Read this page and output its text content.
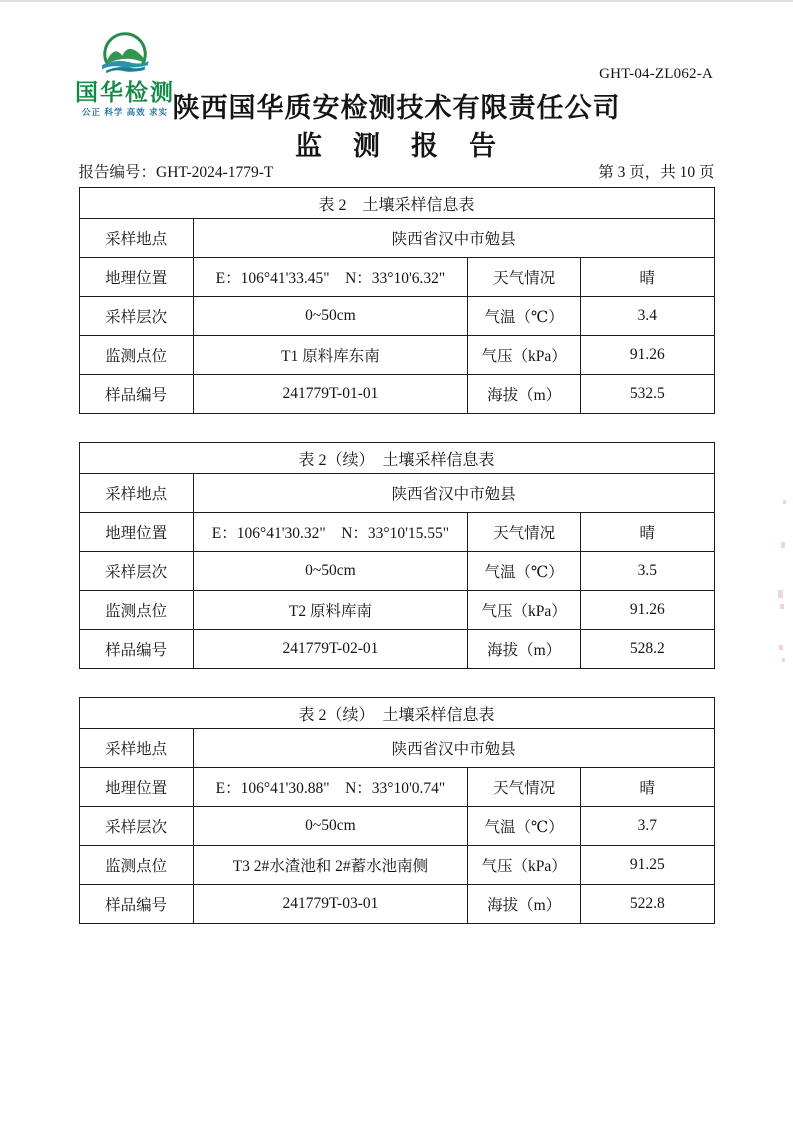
国华检测
公正 科学 高效 求实
GHT-04-ZL062-A
陕西国华质安检测技术有限责任公司
监　测　报　告
报告编号：GHT-2024-1779-T	第 3 页，共 10 页
表 2　土壤采样信息表			
采样地点	陕西省汉中市勉县		
地理位置	E：106°41'33.45"　N：33°10'6.32"	天气情况	晴
采样层次	0~50cm	气温（℃）	3.4
监测点位	T1 原料库东南	气压（kPa）	91.26
样品编号	241779T-01-01	海拔（m）	532.5
表 2（续）　土壤采样信息表			
采样地点	陕西省汉中市勉县		
地理位置	E：106°41'30.32"　N：33°10'15.55"	天气情况	晴
采样层次	0~50cm	气温（℃）	3.5
监测点位	T2 原料库南	气压（kPa）	91.26
样品编号	241779T-02-01	海拔（m）	528.2
表 2（续）　土壤采样信息表			
采样地点	陕西省汉中市勉县		
地理位置	E：106°41'30.88"　N：33°10'0.74"	天气情况	晴
采样层次	0~50cm	气温（℃）	3.7
监测点位	T3 2#水渣池和 2#蓄水池南侧	气压（kPa）	91.25
样品编号	241779T-03-01	海拔（m）	522.8
